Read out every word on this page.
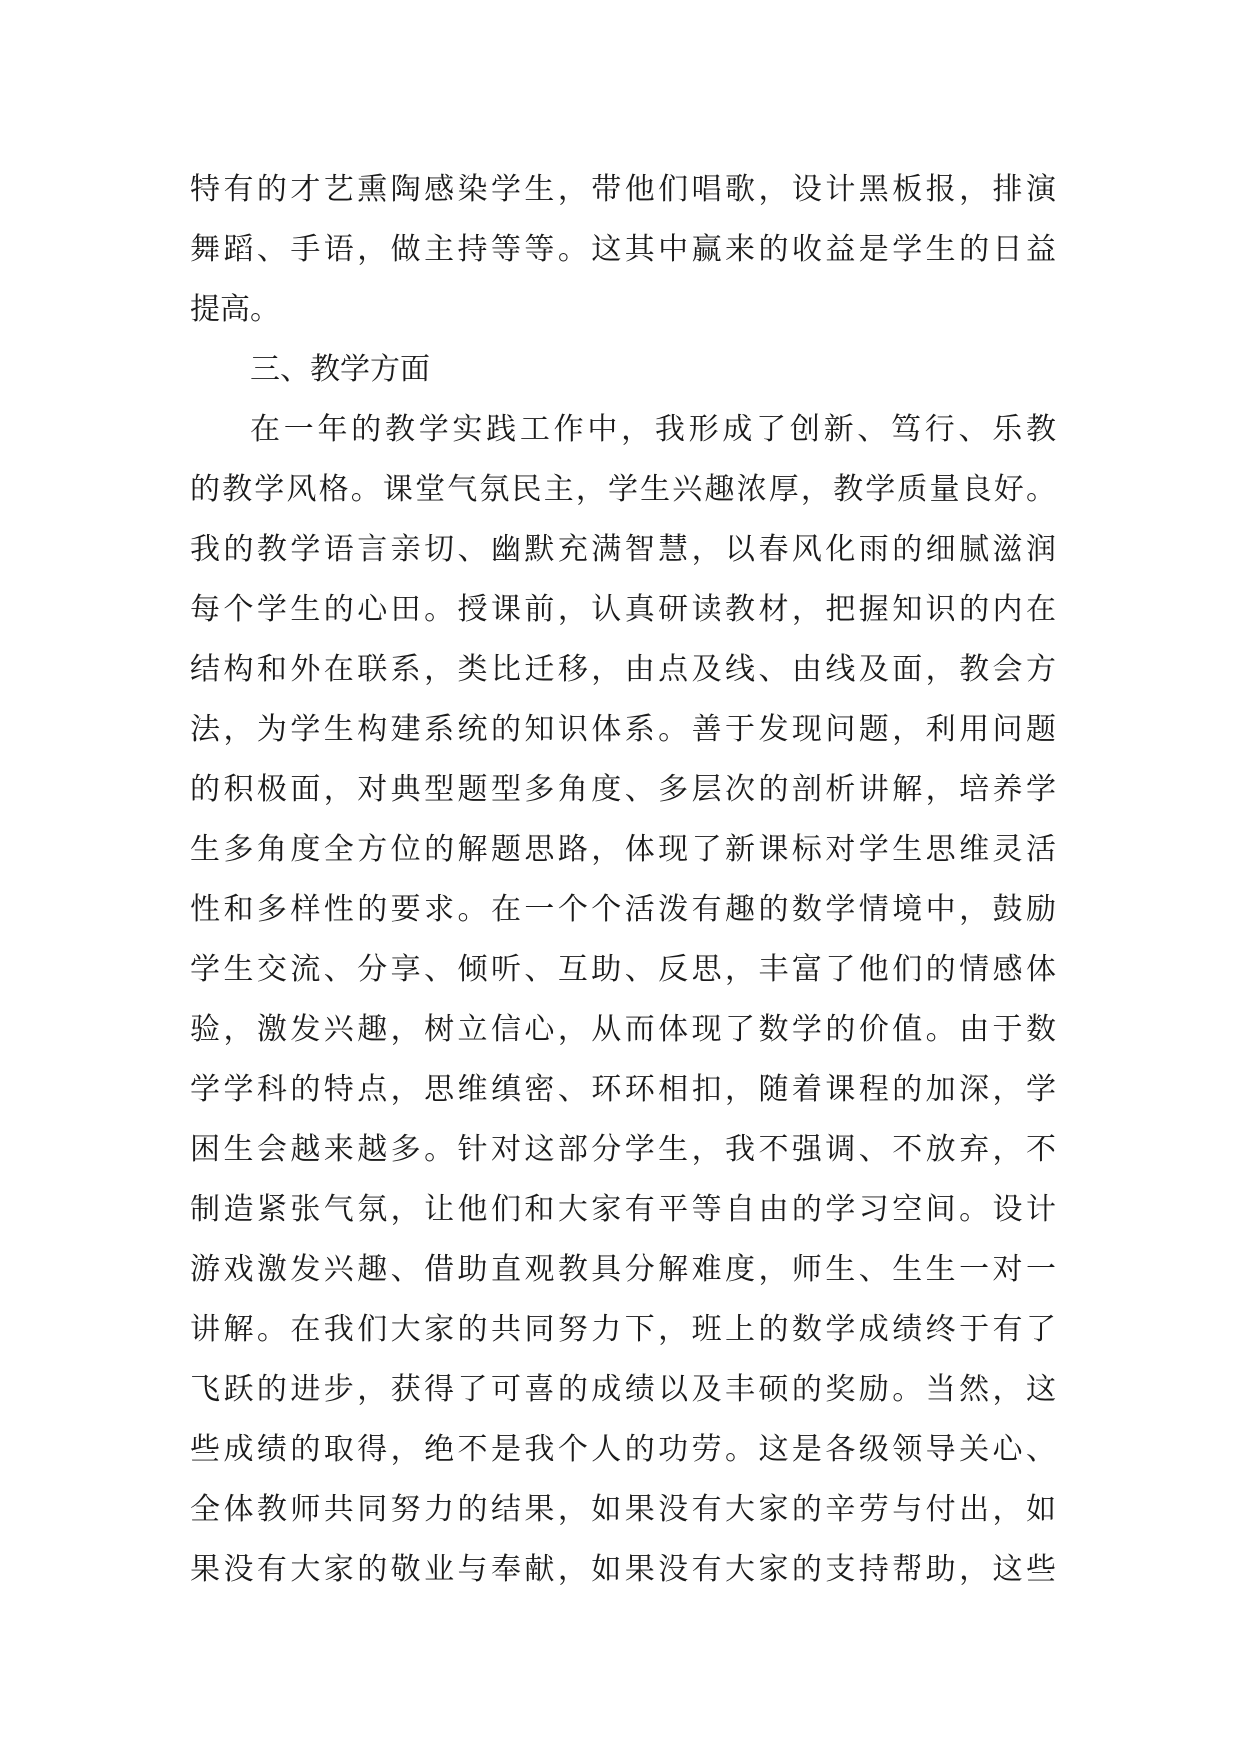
特有的才艺熏陶感染学生，带他们唱歌，设计黑板报，排演
舞蹈、手语，做主持等等。这其中赢来的收益是学生的日益
提高。
三、教学方面
在一年的教学实践工作中，我形成了创新、笃行、乐教
的教学风格。课堂气氛民主，学生兴趣浓厚，教学质量良好。
我的教学语言亲切、幽默充满智慧，以春风化雨的细腻滋润
每个学生的心田。授课前，认真研读教材，把握知识的内在
结构和外在联系，类比迁移，由点及线、由线及面，教会方
法，为学生构建系统的知识体系。善于发现问题，利用问题
的积极面，对典型题型多角度、多层次的剖析讲解，培养学
生多角度全方位的解题思路，体现了新课标对学生思维灵活
性和多样性的要求。在一个个活泼有趣的数学情境中，鼓励
学生交流、分享、倾听、互助、反思，丰富了他们的情感体
验，激发兴趣，树立信心，从而体现了数学的价值。由于数
学学科的特点，思维缜密、环环相扣，随着课程的加深，学
困生会越来越多。针对这部分学生，我不强调、不放弃，不
制造紧张气氛，让他们和大家有平等自由的学习空间。设计
游戏激发兴趣、借助直观教具分解难度，师生、生生一对一
讲解。在我们大家的共同努力下，班上的数学成绩终于有了
飞跃的进步，获得了可喜的成绩以及丰硕的奖励。当然，这
些成绩的取得，绝不是我个人的功劳。这是各级领导关心、
全体教师共同努力的结果，如果没有大家的辛劳与付出，如
果没有大家的敬业与奉献，如果没有大家的支持帮助，这些
